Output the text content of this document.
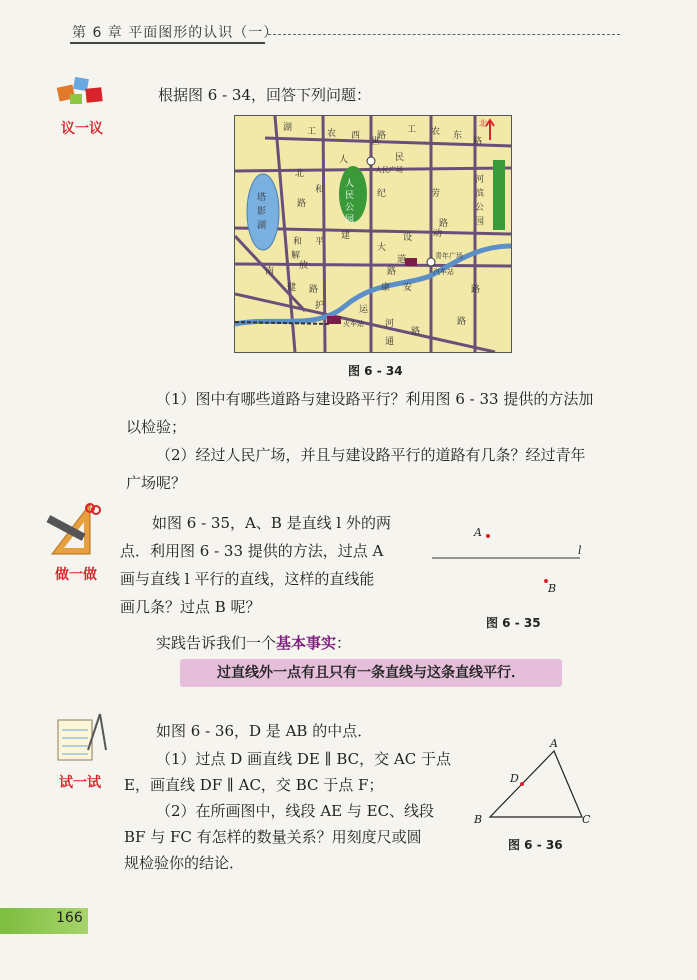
第 6 章 平面图形的认识（一）
议一议
根据图 6 - 34，回答下列问题：
北
人民广场
青年广场
汽车站
火车站
湖 工 农 西 路
工 农 东
路
人	民
世
纪
北
和
路
劳
路
河
滨
公
园
人
民
公
园
塔
影
湖
建	设
大
道
平
和
解
放
南
健 路	康 安	路
护	运
路
河
通
动
路
路
图 6 - 34
（1）图中有哪些道路与建设路平行？利用图 6 - 33 提供的方法加
以检验；
（2）经过人民广场，并且与建设路平行的道路有几条？经过青年
广场呢？
做一做
如图 6 - 35，A、B 是直线 l 外的两
点．利用图 6 - 33 提供的方法，过点 A
画与直线 l 平行的直线，这样的直线能
画几条？过点 B 呢？
A
B
l
图 6 - 35
实践告诉我们一个基本事实：
过直线外一点有且只有一条直线与这条直线平行．
试一试
如图 6 - 36，D 是 AB 的中点．
（1）过点 D 画直线 DE ∥ BC，交 AC 于点
E，画直线 DF ∥ AC，交 BC 于点 F；
（2）在所画图中，线段 AE 与 EC、线段
BF 与 FC 有怎样的数量关系？用刻度尺或圆
规检验你的结论．
A
B	C
D
图 6 - 36
166
